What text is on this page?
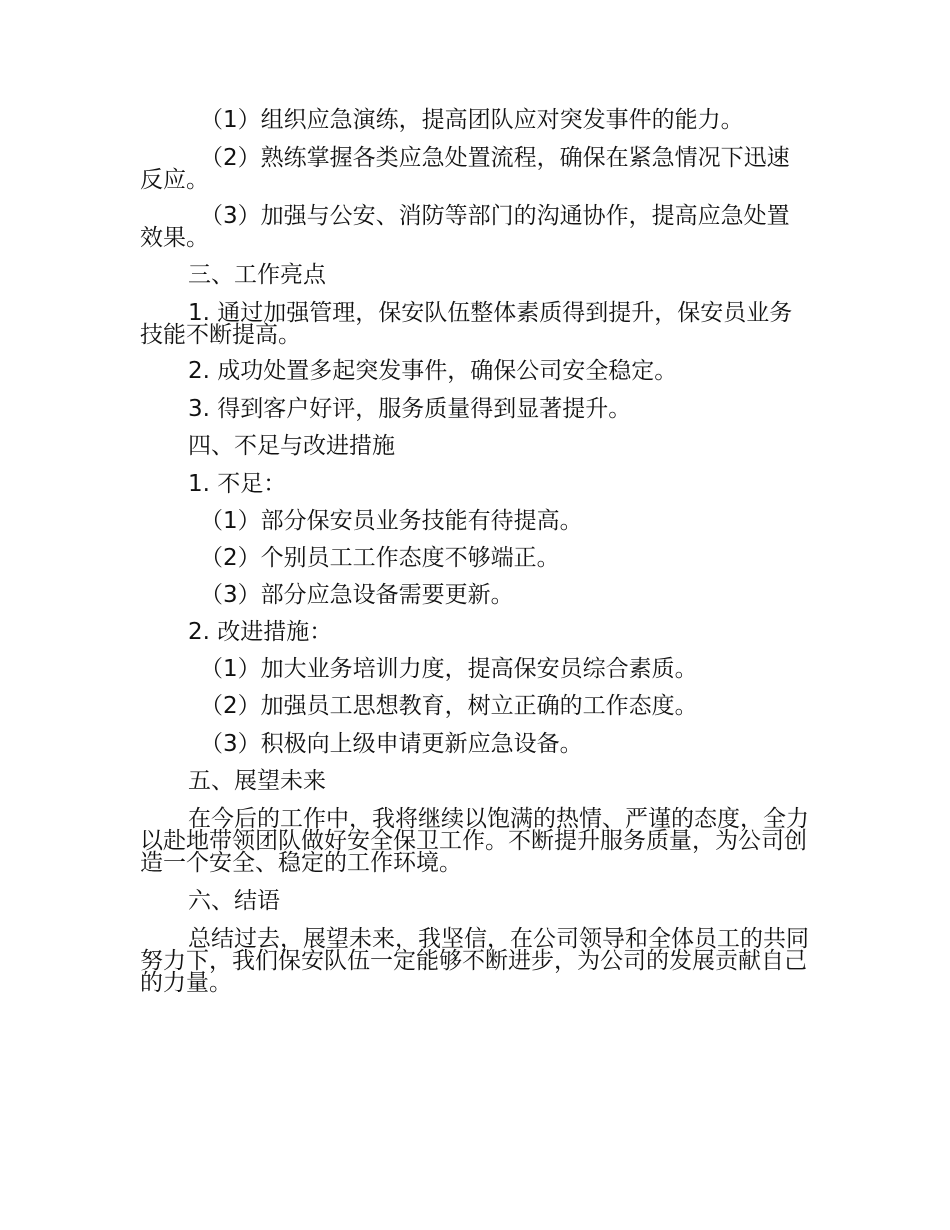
（1）组织应急演练，提高团队应对突发事件的能力。

（2）熟练掌握各类应急处置流程，确保在紧急情况下迅速反应。

（3）加强与公安、消防等部门的沟通协作，提高应急处置效果。

三、工作亮点

1. 通过加强管理，保安队伍整体素质得到提升，保安员业务技能不断提高。

2. 成功处置多起突发事件，确保公司安全稳定。

3. 得到客户好评，服务质量得到显著提升。

四、不足与改进措施

1. 不足：

（1）部分保安员业务技能有待提高。

（2）个别员工工作态度不够端正。

（3）部分应急设备需要更新。

2. 改进措施：

（1）加大业务培训力度，提高保安员综合素质。

（2）加强员工思想教育，树立正确的工作态度。

（3）积极向上级申请更新应急设备。

五、展望未来

在今后的工作中，我将继续以饱满的热情、严谨的态度，全力以赴地带领团队做好安全保卫工作。不断提升服务质量，为公司创造一个安全、稳定的工作环境。

六、结语

总结过去，展望未来，我坚信，在公司领导和全体员工的共同努力下，我们保安队伍一定能够不断进步，为公司的发展贡献自己的力量。
